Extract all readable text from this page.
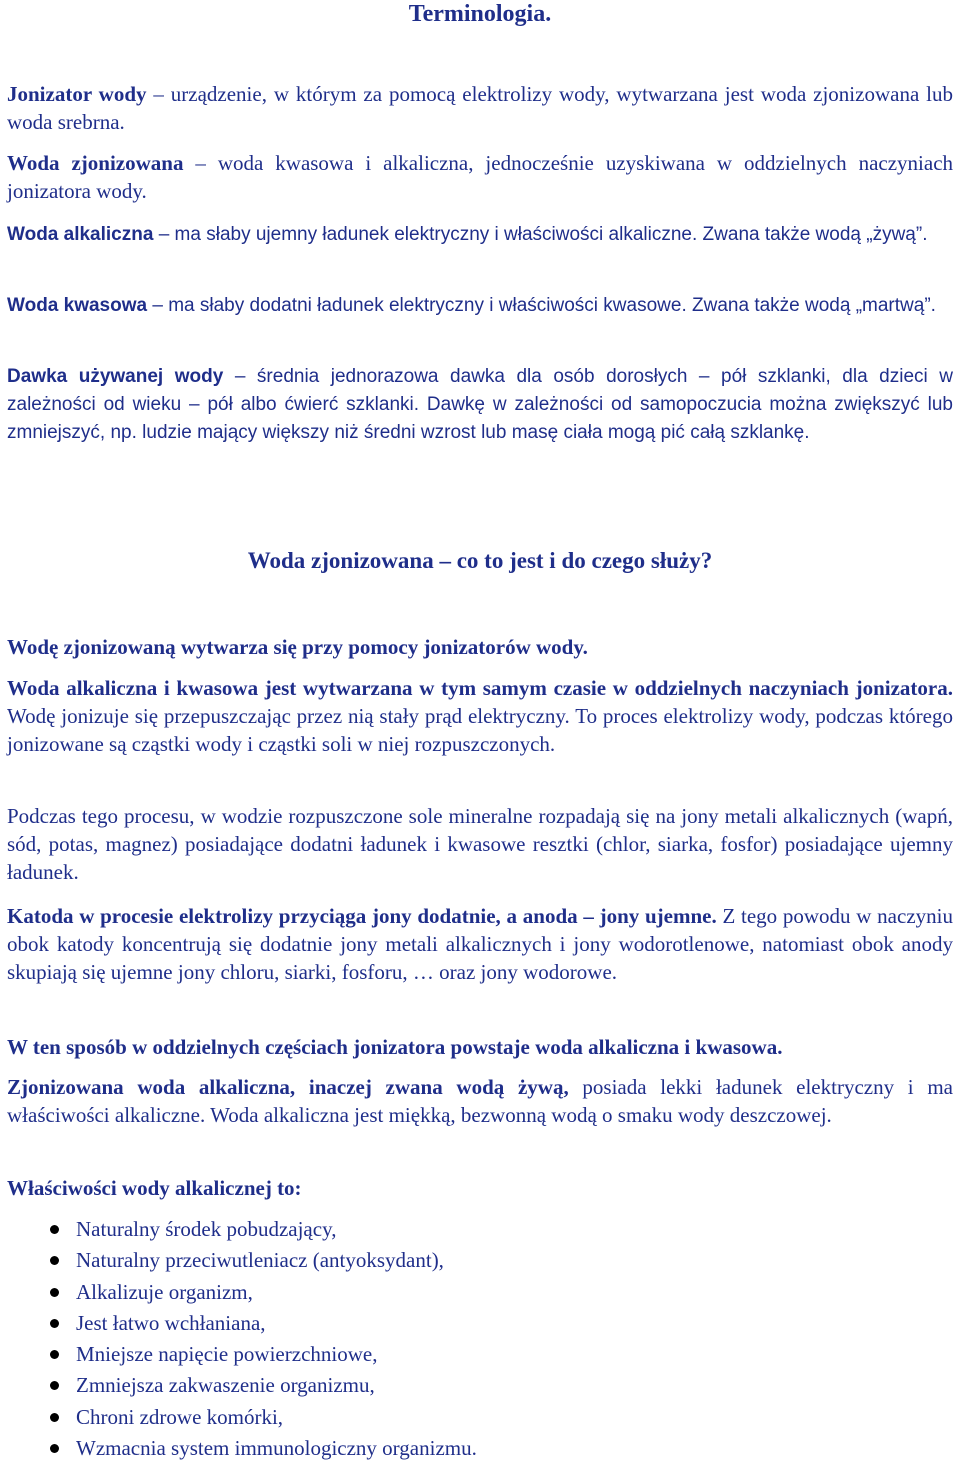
Terminologia.
Jonizator wody – urządzenie, w którym za pomocą elektrolizy wody, wytwarzana jest woda zjonizowana lub woda srebrna.
Woda zjonizowana – woda kwasowa i alkaliczna, jednocześnie uzyskiwana w oddzielnych naczyniach jonizatora wody.
Woda alkaliczna – ma słaby ujemny ładunek elektryczny i właściwości alkaliczne. Zwana także wodą „żywą”.
Woda kwasowa – ma słaby dodatni ładunek elektryczny i właściwości kwasowe. Zwana także wodą „martwą”.
Dawka używanej wody – średnia jednorazowa dawka dla osób dorosłych – pół szklanki, dla dzieci w zależności od wieku – pół albo ćwierć szklanki. Dawkę w zależności od samopoczucia można zwiększyć lub zmniejszyć, np. ludzie mający większy niż średni wzrost lub masę ciała mogą pić całą szklankę.
Woda zjonizowana – co to jest i do czego służy?
Wodę zjonizowaną wytwarza się przy pomocy jonizatorów wody.
Woda alkaliczna i kwasowa jest wytwarzana w tym samym czasie w oddzielnych naczyniach jonizatora. Wodę jonizuje się przepuszczając przez nią stały prąd elektryczny. To proces elektrolizy wody, podczas którego jonizowane są cząstki wody i cząstki soli w niej rozpuszczonych.
Podczas tego procesu, w wodzie rozpuszczone sole mineralne rozpadają się na jony metali alkalicznych (wapń, sód, potas, magnez) posiadające dodatni ładunek i kwasowe resztki (chlor, siarka, fosfor) posiadające ujemny ładunek.
Katoda w procesie elektrolizy przyciąga jony dodatnie, a anoda – jony ujemne. Z tego powodu w naczyniu obok katody koncentrują się dodatnie jony metali alkalicznych i jony wodorotlenowe, natomiast obok anody skupiają się ujemne jony chloru, siarki, fosforu, … oraz jony wodorowe.
W ten sposób w oddzielnych częściach jonizatora powstaje woda alkaliczna i kwasowa.
Zjonizowana woda alkaliczna, inaczej zwana wodą żywą, posiada lekki ładunek elektryczny i ma właściwości alkaliczne. Woda alkaliczna jest miękką, bezwonną wodą o smaku wody deszczowej.
Właściwości wody alkalicznej to:
Naturalny środek pobudzający,
Naturalny przeciwutleniacz (antyoksydant),
Alkalizuje organizm,
Jest łatwo wchłaniana,
Mniejsze napięcie powierzchniowe,
Zmniejsza zakwaszenie organizmu,
Chroni zdrowe komórki,
Wzmacnia system immunologiczny organizmu.
